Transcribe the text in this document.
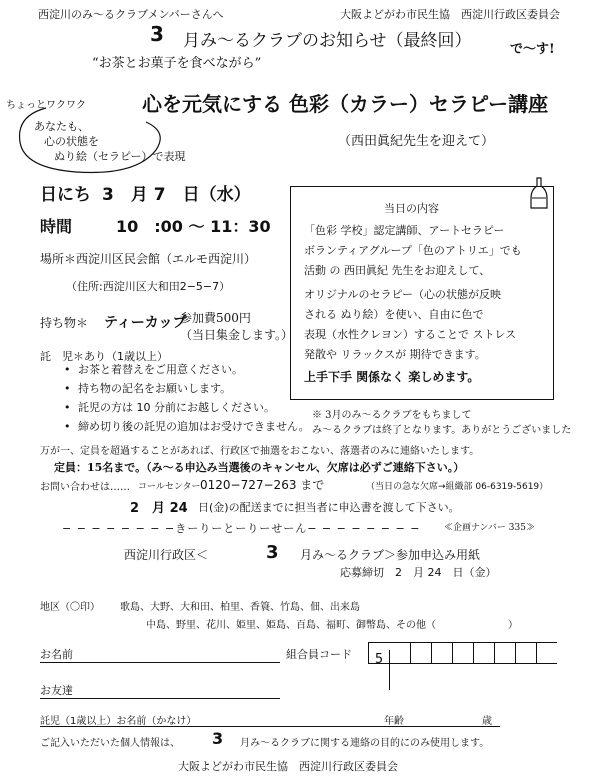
西淀川のみ〜るクラブメンバーさんへ	大阪よどがわ市民生協　西淀川行政区委員会
3 月み〜るクラブのお知らせ（最終回）	で〜す!
“お茶とお菓子を食べながら”
心を元気にする 色彩（カラー）セラピー講座
（西田眞紀先生を迎えて）
ちょっとワクワク
あなたも、
心の状態を
ぬり絵（セラピー）で表現
日にち 3　月 7　日（水）
時間	10　:00 〜 11：30
場所＊西淀川区民会館（エルモ西淀川）
（住所:西淀川区大和田2−5−7）
持ち物＊ ティーカップ
参加費500円
（当日集金します。）
託　児＊あり（1歳以上）
• お茶と着替えをご用意ください。
• 持ち物の記名をお願いします。
• 託児の方は 10 分前にお越しください。
• 締め切り後の託児の追加はお受けできません。
当日の内容
「色彩 学校」認定講師、アートセラピー
ボランティアグループ「色のアトリエ」でも
活動 の 西田眞紀 先生をお迎えして、
オリジナルのセラピー（心の状態が反映
される ぬり絵）を使い、自由に色で
表現（水性クレヨン）することで ストレス
発散や リラックスが 期待できます。
上手下手 関係なく 楽しめます。
※ 3月のみ〜るクラブをもちまして
み〜るクラブは終了となります。ありがとうございました
万が一、定員を超過することがあれば、行政区で抽選をおこない、落選者のみに連絡いたします。
定員：15名まで。（み〜る申込み当選後のキャンセル、欠席は必ずご連絡下さい。）
お問い合わせは…… コールセンター 0120−727−263 まで	（当日の急な欠席→組織部 06-6319-5619）
2　月 24 日(金)の配送までに担当者に申込書を渡して下さい。
− − − − − − − −きーりーとーりーせーん− − − − − − − −	≪企画ナンバー 335≫
西淀川行政区＜	3 月み〜るクラブ＞参加申込み用紙
応募締切　2　月 24　日（金）
地区（〇印） 歌島、大野、大和田、柏里、香簑、竹島、佃、出来島
中島、野里、花川、姫里、姫島、百島、福町、御幣島、その他（	）
お名前	組合員コード	5
お友達
託児（1歳以上）お名前（かなけ）	年齢	歳
ご記入いただいた個人情報は、 3 月み〜るクラブに関する連絡の目的にのみ使用します。
大阪よどがわ市民生協　西淀川行政区委員会
